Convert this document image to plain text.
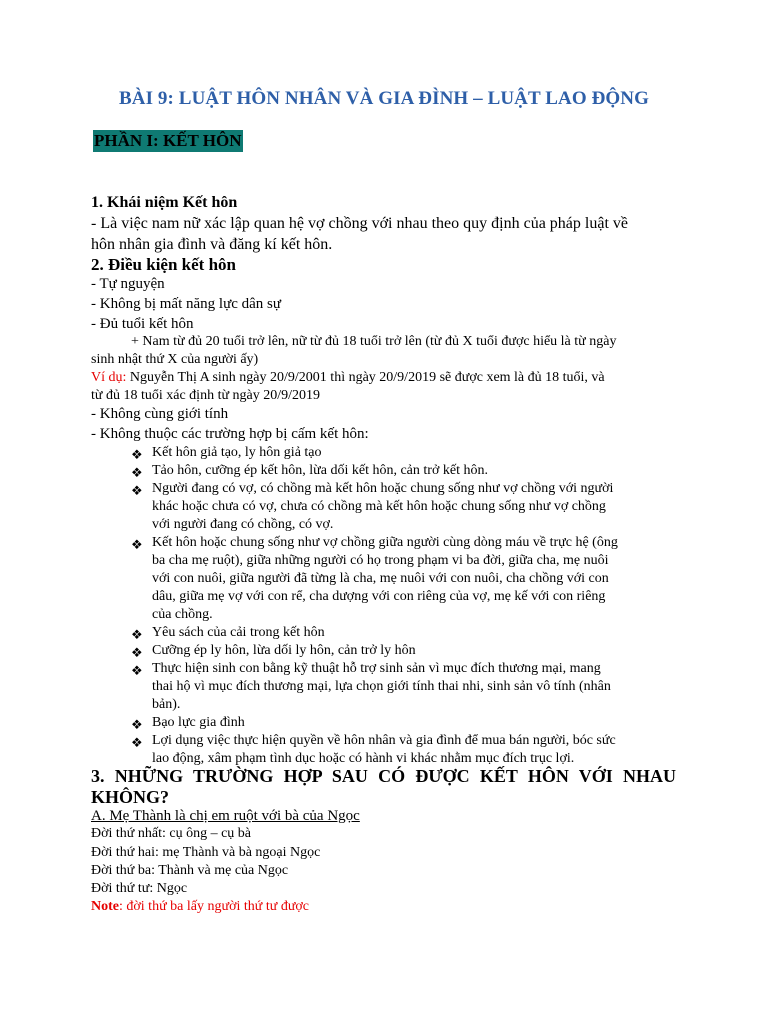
BÀI 9: LUẬT HÔN NHÂN VÀ GIA ĐÌNH – LUẬT LAO ĐỘNG
PHẦN I: KẾT HÔN
1. Khái niệm Kết hôn
- Là việc nam nữ xác lập quan hệ vợ chồng với nhau theo quy định của pháp luật về
hôn nhân gia đình và đăng kí kết hôn.
2. Điều kiện kết hôn
- Tự nguyện
- Không bị mất năng lực dân sự
- Đủ tuổi kết hôn
+ Nam từ đủ 20 tuổi trở lên, nữ từ đủ 18 tuổi trở lên (từ đủ X tuổi được hiểu là từ ngày
sinh nhật thứ X của người ấy)
Ví dụ: Nguyễn Thị A sinh ngày 20/9/2001 thì ngày 20/9/2019 sẽ được xem là đủ 18 tuổi, và
từ đủ 18 tuổi xác định từ ngày 20/9/2019
- Không cùng giới tính
- Không thuộc các trường hợp bị cấm kết hôn:
❖ Kết hôn giả tạo, ly hôn giả tạo
❖ Tảo hôn, cưỡng ép kết hôn, lừa dối kết hôn, cản trở kết hôn.
❖ Người đang có vợ, có chồng mà kết hôn hoặc chung sống như vợ chồng với người
khác hoặc chưa có vợ, chưa có chồng mà kết hôn hoặc chung sống như vợ chồng
với người đang có chồng, có vợ.
❖ Kết hôn hoặc chung sống như vợ chồng giữa người cùng dòng máu về trực hệ (ông
ba cha mẹ ruột), giữa những người có họ trong phạm vi ba đời, giữa cha, mẹ nuôi
với con nuôi, giữa người đã từng là cha, mẹ nuôi với con nuôi, cha chồng với con
dâu, giữa mẹ vợ với con rể, cha dượng với con riêng của vợ, mẹ kế với con riêng
của chồng.
❖ Yêu sách của cải trong kết hôn
❖ Cưỡng ép ly hôn, lừa dối ly hôn, cản trở ly hôn
❖ Thực hiện sinh con bằng kỹ thuật hỗ trợ sinh sản vì mục đích thương mại, mang
thai hộ vì mục đích thương mại, lựa chọn giới tính thai nhi, sinh sản vô tính (nhân
bản).
❖ Bạo lực gia đình
❖ Lợi dụng việc thực hiện quyền về hôn nhân và gia đình để mua bán người, bóc sức
lao động, xâm phạm tình dục hoặc có hành vi khác nhằm mục đích trục lợi.
3. NHỮNG TRƯỜNG HỢP SAU CÓ ĐƯỢC KẾT HÔN VỚI NHAU
KHÔNG?
A. Mẹ Thành là chị em ruột với bà của Ngọc
Đời thứ nhất: cụ ông – cụ bà
Đời thứ hai: mẹ Thành và bà ngoại Ngọc
Đời thứ ba: Thành và mẹ của Ngọc
Đời thứ tư: Ngọc
Note: đời thứ ba lấy người thứ tư được
